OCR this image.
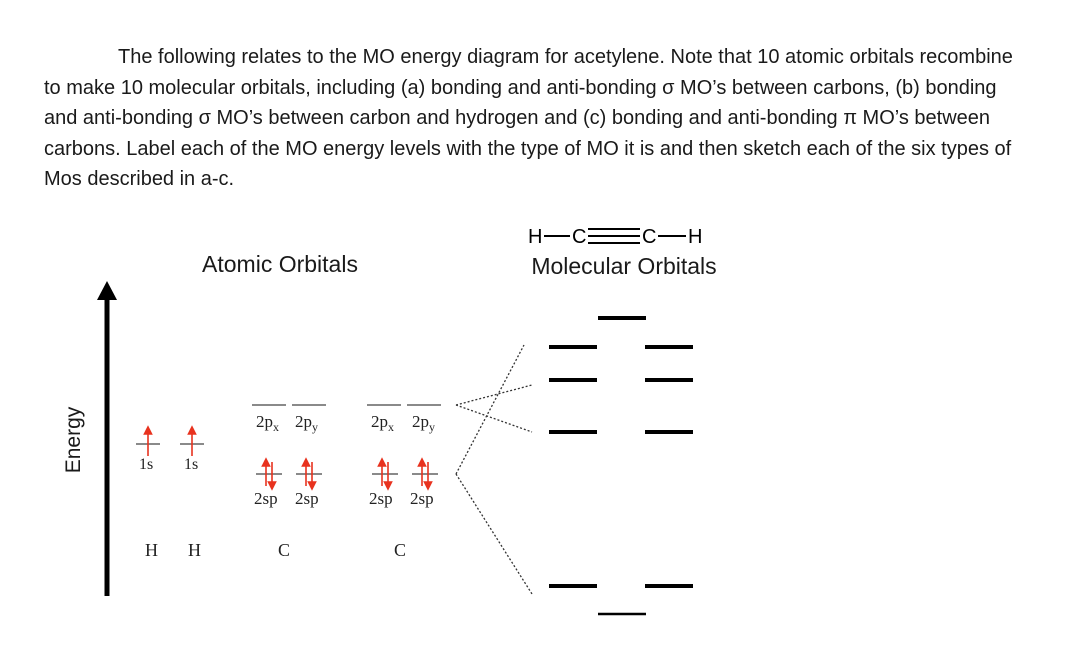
The following relates to the MO energy diagram for acetylene. Note that 10 atomic orbitals recombine to make 10 molecular orbitals, including (a) bonding and anti-bonding σ MO’s between carbons, (b) bonding and anti-bonding σ MO’s between carbon and hydrogen and (c) bonding and anti-bonding π MO’s between carbons. Label each of the MO energy levels with the type of MO it is and then sketch each of the six types of Mos described in a-c.

Energy
Atomic Orbitals	Molecular Orbitals
H C	C H
1s 1s
H H
$2p_x$ $2p_y$
2sp 2sp
C
$2p_x$ $2p_y$
2sp 2sp
C
